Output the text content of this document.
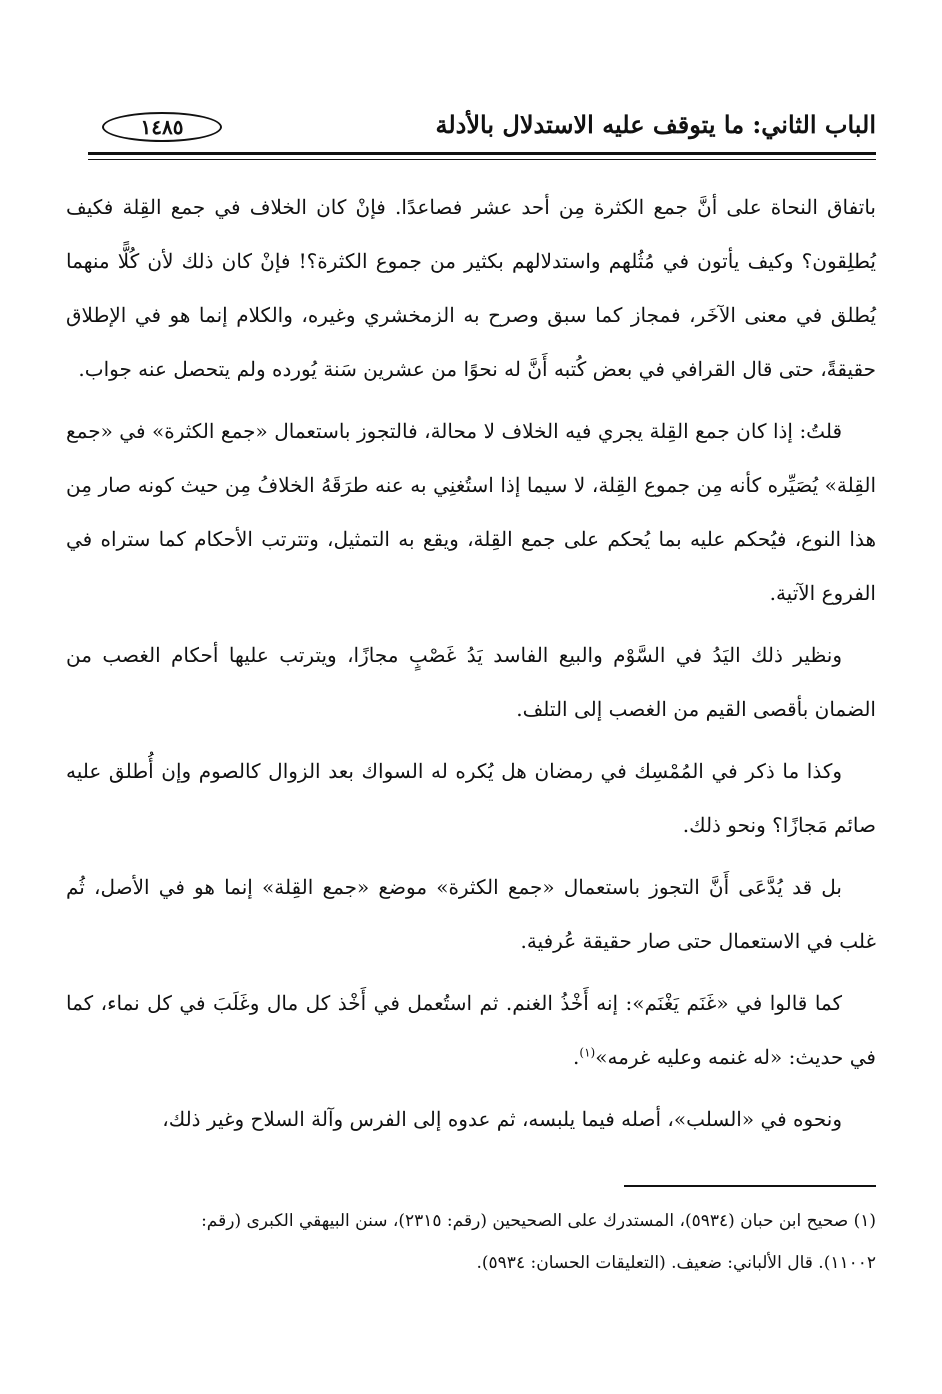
الباب الثاني: ما يتوقف عليه الاستدلال بالأدلة
١٤٨٥

باتفاق النحاة على أنَّ جمع الكثرة مِن أحد عشر فصاعدًا. فإنْ كان الخلاف في جمع القِلة فكيف يُطلِقون؟ وكيف يأتون في مُثُلهم واستدلالهم بكثير من جموع الكثرة؟! فإنْ كان ذلك لأن كُلًّا منهما يُطلق في معنى الآخَر، فمجاز كما سبق وصرح به الزمخشري وغيره، والكلام إنما هو في الإطلاق حقيقةً، حتى قال القرافي في بعض كُتبه أَنَّ له نحوًا من عشرين سَنة يُورده ولم يتحصل عنه جواب.

قلتُ: إذا كان جمع القِلة يجري فيه الخلاف لا محالة، فالتجوز باستعمال «جمع الكثرة» في «جمع القِلة» يُصَيِّره كأنه مِن جموع القِلة، لا سيما إذا استُغنِي به عنه طرَقَهُ الخلافُ مِن حيث كونه صار مِن هذا النوع، فيُحكم عليه بما يُحكم على جمع القِلة، ويقع به التمثيل، وتترتب الأحكام كما ستراه في الفروع الآتية.

ونظير ذلك اليَدُ في السَّوْم والبيع الفاسد يَدُ غَصْبٍ مجازًا، ويترتب عليها أحكام الغصب من الضمان بأقصى القيم من الغصب إلى التلف.

وكذا ما ذكر في المُمْسِك في رمضان هل يُكره له السواك بعد الزوال كالصوم وإن أُطلق عليه صائم مَجازًا؟ ونحو ذلك.

بل قد يُدَّعَى أَنَّ التجوز باستعمال «جمع الكثرة» موضع «جمع القِلة» إنما هو في الأصل، ثُم غلب في الاستعمال حتى صار حقيقة عُرفية.

كما قالوا في «غَنَم يَغْنَم»: إنه أَخْذُ الغنم. ثم استُعمل في أَخْذ كل مال وغَلَبَ في كل نماء، كما في حديث: «له غنمه وعليه غرمه»$^{(١)}$.

ونحوه في «السلب»، أصله فيما يلبسه، ثم عدوه إلى الفرس وآلة السلاح وغير ذلك،

(١) صحيح ابن حبان (٥٩٣٤)، المستدرك على الصحيحين (رقم: ٢٣١٥)، سنن البيهقي الكبرى (رقم:
١١٠٠٢). قال الألباني: ضعيف. (التعليقات الحسان: ٥٩٣٤).
